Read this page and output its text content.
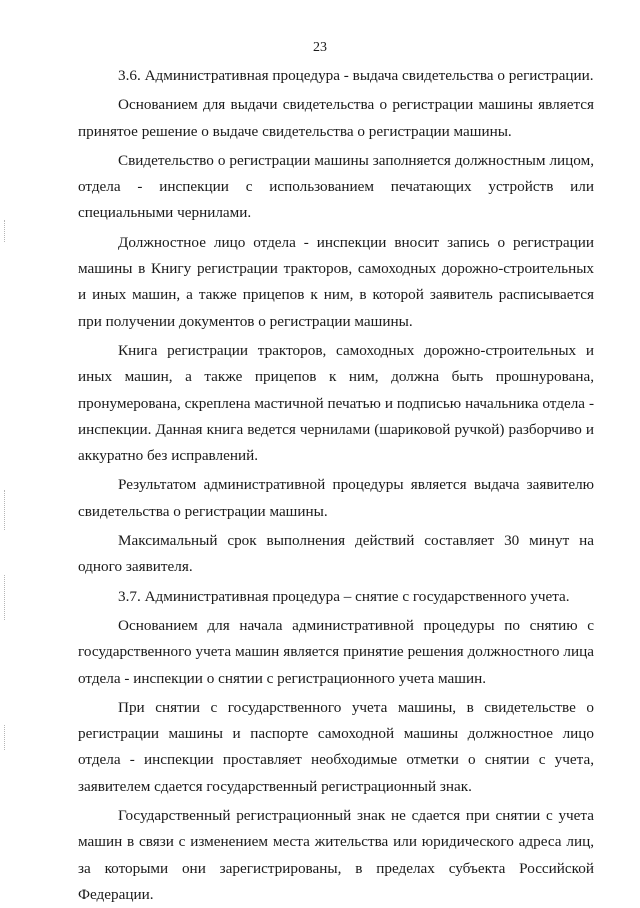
23

3.6. Административная процедура - выдача свидетельства о регистрации.

Основанием для выдачи свидетельства о регистрации машины является принятое решение о выдаче свидетельства о регистрации машины.

Свидетельство о регистрации машины заполняется должностным лицом, отдела - инспекции с использованием печатающих устройств или специальными чернилами.

Должностное лицо отдела - инспекции вносит запись о регистрации машины в Книгу регистрации тракторов, самоходных дорожно-строительных и иных машин, а также прицепов к ним, в которой заявитель расписывается при получении документов о регистрации машины.

Книга регистрации тракторов, самоходных дорожно-строительных и иных машин, а также прицепов к ним, должна быть прошнурована, пронумерована, скреплена мастичной печатью и подписью начальника отдела - инспекции. Данная книга ведется чернилами (шариковой ручкой) разборчиво и аккуратно без исправлений.

Результатом административной процедуры является выдача заявителю свидетельства о регистрации машины.

Максимальный срок выполнения действий составляет 30 минут на одного заявителя.

3.7. Административная процедура – снятие с государственного учета.

Основанием для начала административной процедуры по снятию с государственного учета машин является принятие решения должностного лица отдела - инспекции о снятии с регистрационного учета машин.

При снятии с государственного учета машины, в свидетельстве о регистрации машины и паспорте самоходной машины должностное лицо отдела - инспекции проставляет необходимые отметки о снятии с учета, заявителем сдается государственный регистрационный знак.

Государственный регистрационный знак не сдается при снятии с учета машин в связи с изменением места жительства или юридического адреса лиц, за которыми они зарегистрированы, в пределах субъекта Российской Федерации.
